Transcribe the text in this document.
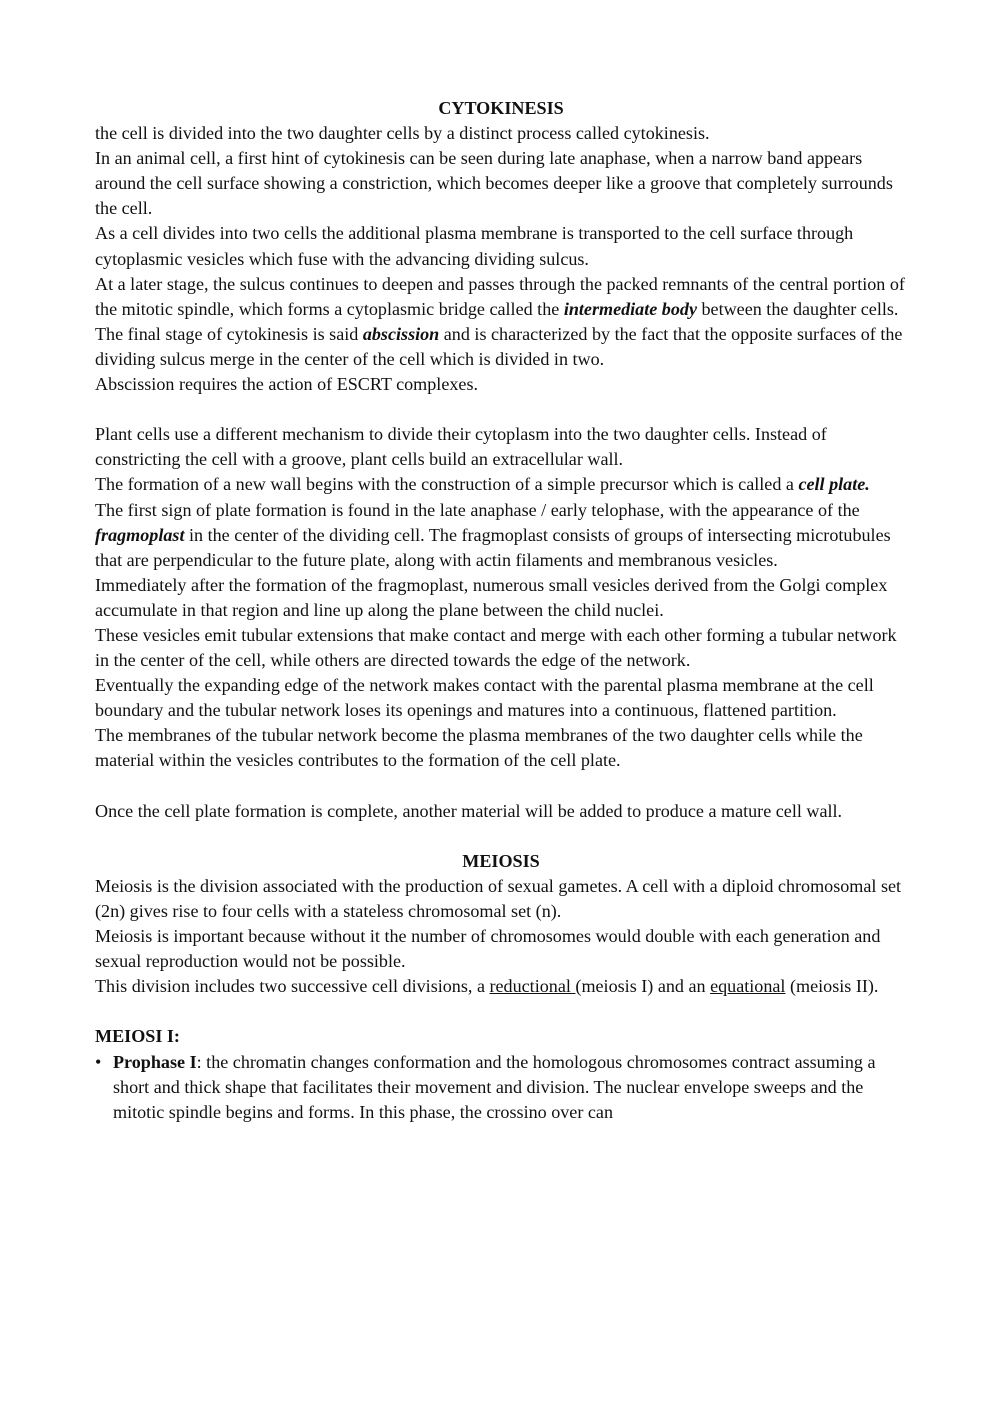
CYTOKINESIS

the cell is divided into the two daughter cells by a distinct process called cytokinesis.

In an animal cell, a first hint of cytokinesis can be seen during late anaphase, when a narrow band appears around the cell surface showing a constriction, which becomes deeper like a groove that completely surrounds the cell.

As a cell divides into two cells the additional plasma membrane is transported to the cell surface through cytoplasmic vesicles which fuse with the advancing dividing sulcus.

At a later stage, the sulcus continues to deepen and passes through the packed remnants of the central portion of the mitotic spindle, which forms a cytoplasmic bridge called the intermediate body between the daughter cells.

The final stage of cytokinesis is said abscission and is characterized by the fact that the opposite surfaces of the dividing sulcus merge in the center of the cell which is divided in two.

Abscission requires the action of ESCRT complexes.

Plant cells use a different mechanism to divide their cytoplasm into the two daughter cells. Instead of constricting the cell with a groove, plant cells build an extracellular wall.

The formation of a new wall begins with the construction of a simple precursor which is called a cell plate.

The first sign of plate formation is found in the late anaphase / early telophase, with the appearance of the fragmoplast in the center of the dividing cell. The fragmoplast consists of groups of intersecting microtubules that are perpendicular to the future plate, along with actin filaments and membranous vesicles.

Immediately after the formation of the fragmoplast, numerous small vesicles derived from the Golgi complex accumulate in that region and line up along the plane between the child nuclei.

These vesicles emit tubular extensions that make contact and merge with each other forming a tubular network in the center of the cell, while others are directed towards the edge of the network.

Eventually the expanding edge of the network makes contact with the parental plasma membrane at the cell boundary and the tubular network loses its openings and matures into a continuous, flattened partition.

The membranes of the tubular network become the plasma membranes of the two daughter cells while the material within the vesicles contributes to the formation of the cell plate.

Once the cell plate formation is complete, another material will be added to produce a mature cell wall.

MEIOSIS

Meiosis is the division associated with the production of sexual gametes. A cell with a diploid chromosomal set (2n) gives rise to four cells with a stateless chromosomal set (n).

Meiosis is important because without it the number of chromosomes would double with each generation and sexual reproduction would not be possible.

This division includes two successive cell divisions, a reductional (meiosis I) and an equational (meiosis II).

MEIOSI I:

• Prophase I: the chromatin changes conformation and the homologous chromosomes contract assuming a short and thick shape that facilitates their movement and division. The nuclear envelope sweeps and the mitotic spindle begins and forms. In this phase, the crossino over can
